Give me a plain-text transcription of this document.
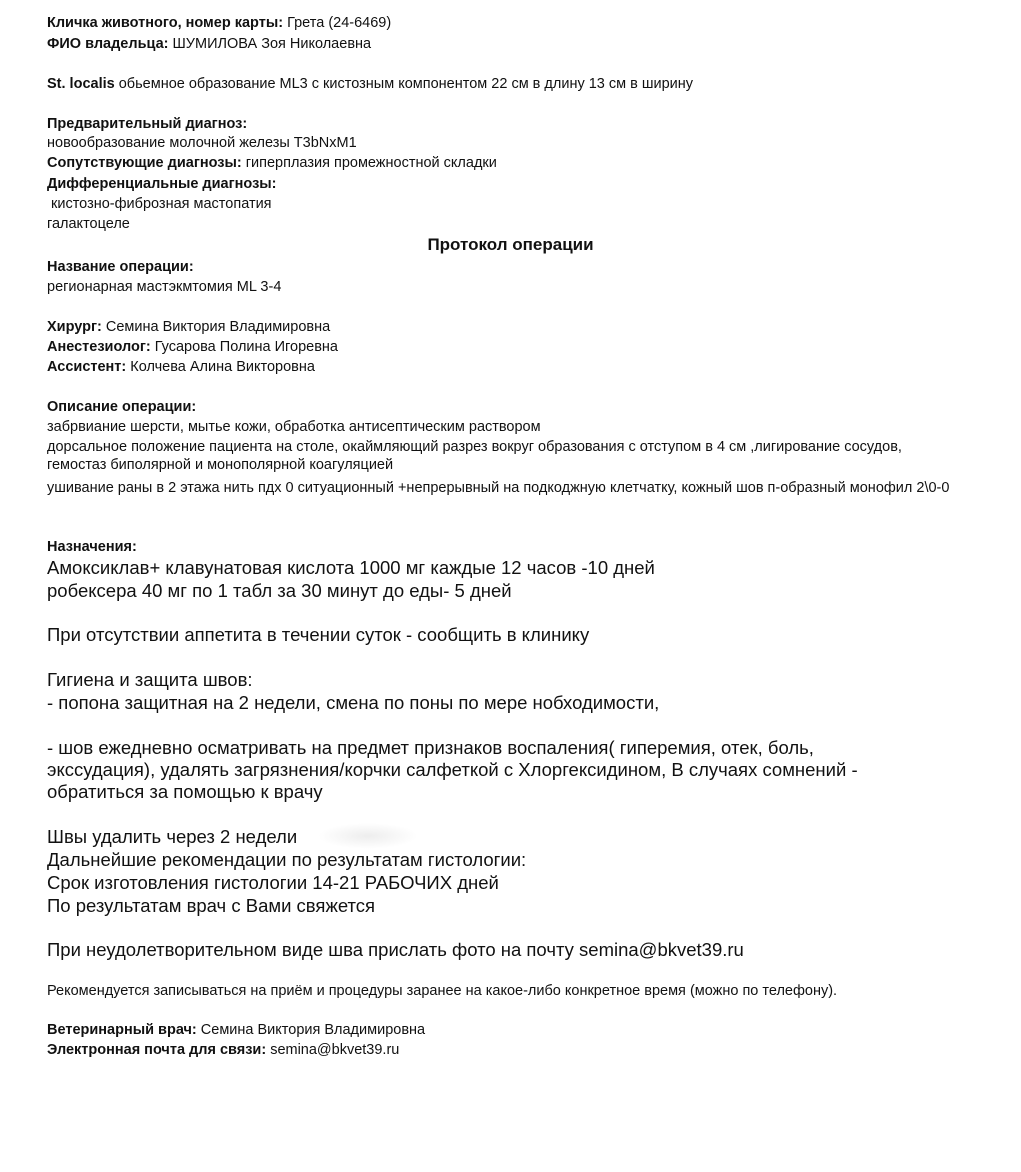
Кличка животного, номер карты: Грета (24-6469)
ФИО владельца: ШУМИЛОВА Зоя Николаевна
St. localis обьемное образование ML3 с кистозным компонентом 22 см в длину 13 см в ширину
Предварительный диагноз:
новообразование молочной железы T3bNxM1
Сопутствующие диагнозы: гиперплазия промежностной складки
Дифференциальные диагнозы:
кистозно-фиброзная мастопатия
галактоцеле
Протокол операции
Название операции:
регионарная мастэкмтомия ML 3-4
Хирург: Семина Виктория Владимировна
Анестезиолог: Гусарова Полина Игоревна
Ассистент: Колчева Алина Викторовна
Описание операции:
забрвиание шерсти, мытье кожи, обработка антисептическим раствором
дорсальное положение пациента на столе, окаймляющий разрез вокруг образования с отступом в 4 см ,лигирование сосудов, гемостаз биполярной и монополярной коагуляцией
ушивание раны в 2 этажа нить пдх 0 ситуационный +непрерывный на подкоджную клетчатку, кожный шов п-образный монофил 2\0-0
Назначения:
Амоксиклав+ клавунатовая кислота 1000 мг каждые 12 часов -10 дней
робексера 40 мг по 1 табл за 30 минут до еды- 5 дней
При отсутствии аппетита в течении суток - сообщить в клинику
Гигиена и защита швов:
- попона защитная на 2 недели, смена по поны по мере нобходимости,
- шов ежедневно осматривать на предмет признаков воспаления( гиперемия, отек, боль, экссудация), удалять загрязнения/корчки салфеткой с Хлоргексидином, В случаях сомнений - обратиться за помощью к врачу
Швы удалить через 2 недели
Дальнейшие рекомендации по результатам гистологии:
Срок изготовления гистологии 14-21 РАБОЧИХ дней
По результатам врач с Вами свяжется
При неудолетворительном виде шва прислать фото на почту semina@bkvet39.ru
Рекомендуется записываться на приём и процедуры заранее на какое-либо конкретное время (можно по телефону).
Ветеринарный врач: Семина Виктория Владимировна
Электронная почта для связи: semina@bkvet39.ru
